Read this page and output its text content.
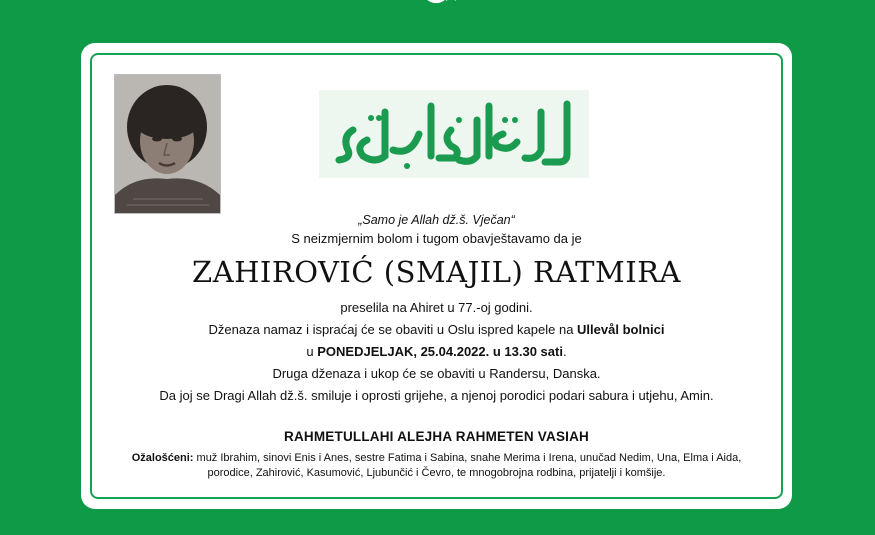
„Samo je Allah dž.š. Vječan“
S neizmjernim bolom i tugom obavještavamo da je
ZAHIROVIĆ (SMAJIL) RATMIRA
preselila na Ahiret u 77.-oj godini.
Dženaza namaz i ispraćaj će se obaviti u Oslu ispred kapele na Ullevål bolnici
u PONEDJELJAK, 25.04.2022. u 13.30 sati.
Druga dženaza i ukop će se obaviti u Randersu, Danska.
Da joj se Dragi Allah dž.š. smiluje i oprosti grijehe, a njenoj porodici podari sabura i utjehu, Amin.
RAHMETULLAHI ALEJHA RAHMETEN VASIAH
Ožalošćeni: muž Ibrahim, sinovi Enis i Anes, sestre Fatima i Sabina, snahe Merima i Irena, unučad Nedim, Una, Elma i Aida,
porodice, Zahirović, Kasumović, Ljubunčić i Čevro, te mnogobrojna rodbina, prijatelji i komšije.
